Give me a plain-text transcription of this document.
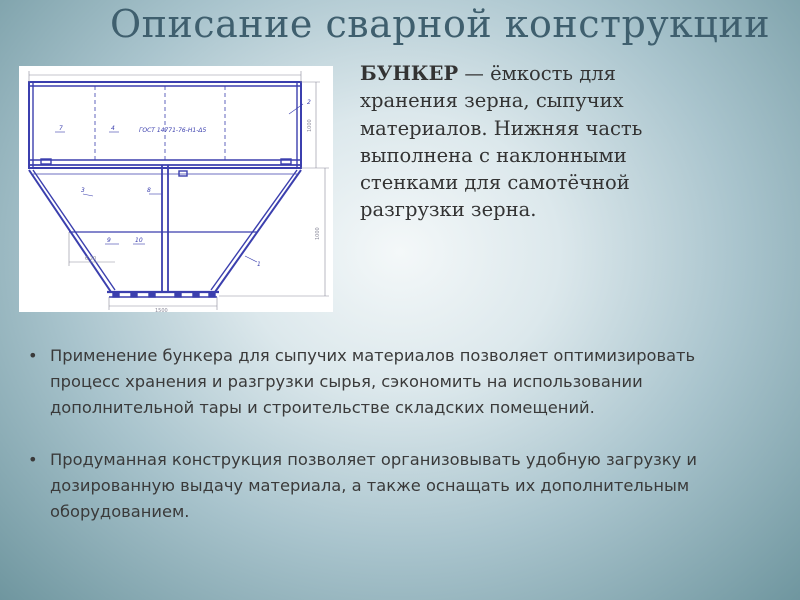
Описание сварной конструкции
ГОСТ 14771-76-Н1-Δ5
7	4
2
8
3
9	10
1
6,20
1500
1000
1000
БУНКЕР — ёмкость для хранения зерна, сыпучих материалов. Нижняя часть выполнена с наклонными стенками для самотёчной разгрузки зерна.
• Применение бункера для сыпучих материалов позволяет оптимизировать процесс хранения и разгрузки сырья, сэкономить на использовании дополнительной тары и строительстве складских помещений.
• Продуманная конструкция позволяет организовывать удобную загрузку и дозированную выдачу материала, а также оснащать их дополнительным оборудованием.
